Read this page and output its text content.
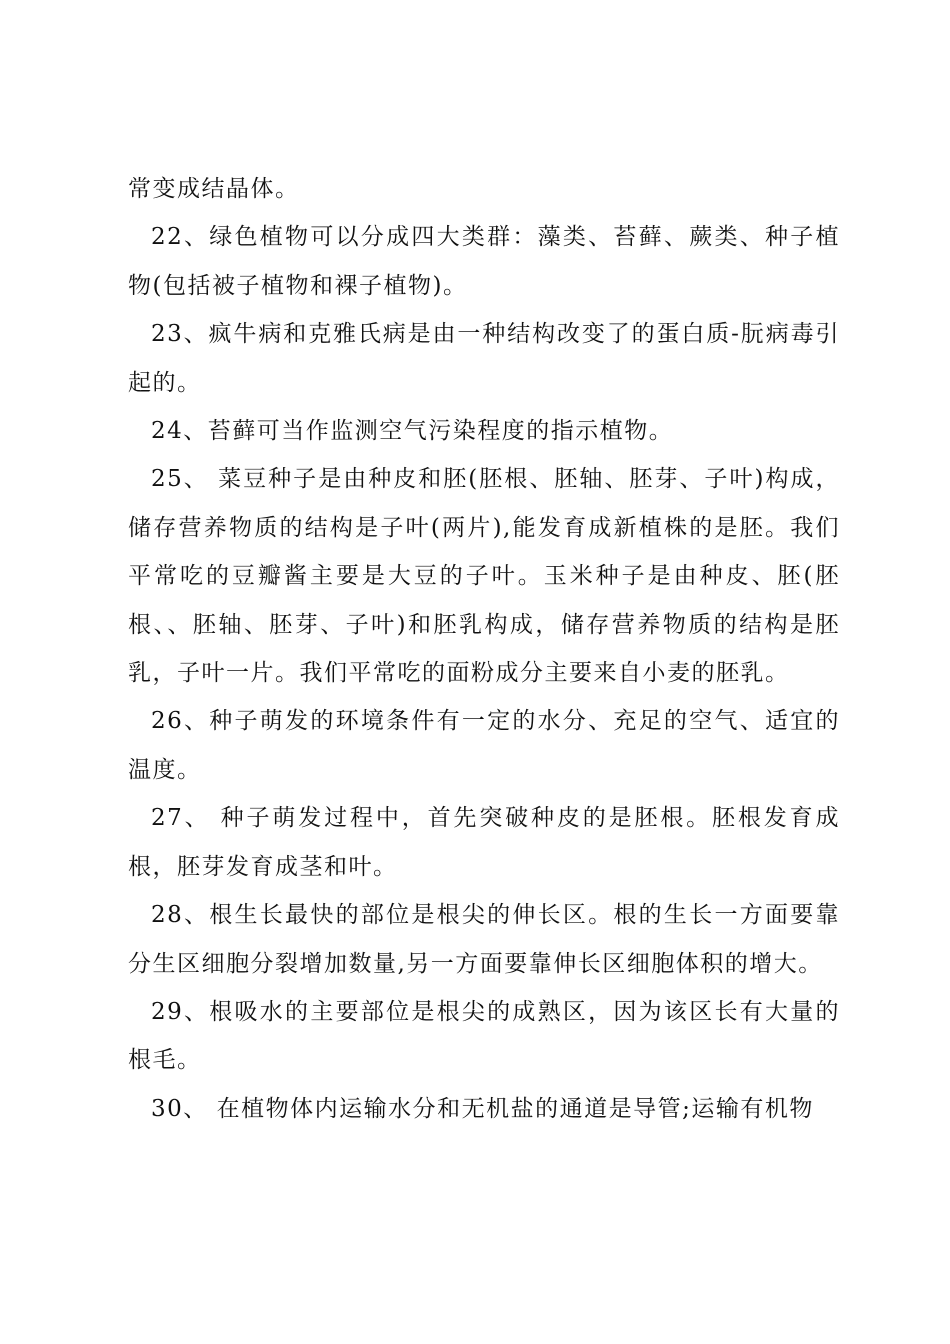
常变成结晶体。

22、绿色植物可以分成四大类群：藻类、苔藓、蕨类、种子植物(包括被子植物和裸子植物)。

23、疯牛病和克雅氏病是由一种结构改变了的蛋白质-朊病毒引起的。

24、苔藓可当作监测空气污染程度的指示植物。

25、 菜豆种子是由种皮和胚(胚根、胚轴、胚芽、子叶)构成，储存营养物质的结构是子叶(两片),能发育成新植株的是胚。我们平常吃的豆瓣酱主要是大豆的子叶。玉米种子是由种皮、胚(胚根、、胚轴、胚芽、子叶)和胚乳构成，储存营养物质的结构是胚乳，子叶一片。我们平常吃的面粉成分主要来自小麦的胚乳。

26、种子萌发的环境条件有一定的水分、充足的空气、适宜的温度。

27、 种子萌发过程中，首先突破种皮的是胚根。胚根发育成根，胚芽发育成茎和叶。

28、根生长最快的部位是根尖的伸长区。根的生长一方面要靠分生区细胞分裂增加数量,另一方面要靠伸长区细胞体积的增大。

29、根吸水的主要部位是根尖的成熟区，因为该区长有大量的根毛。

30、 在植物体内运输水分和无机盐的通道是导管;运输有机物
